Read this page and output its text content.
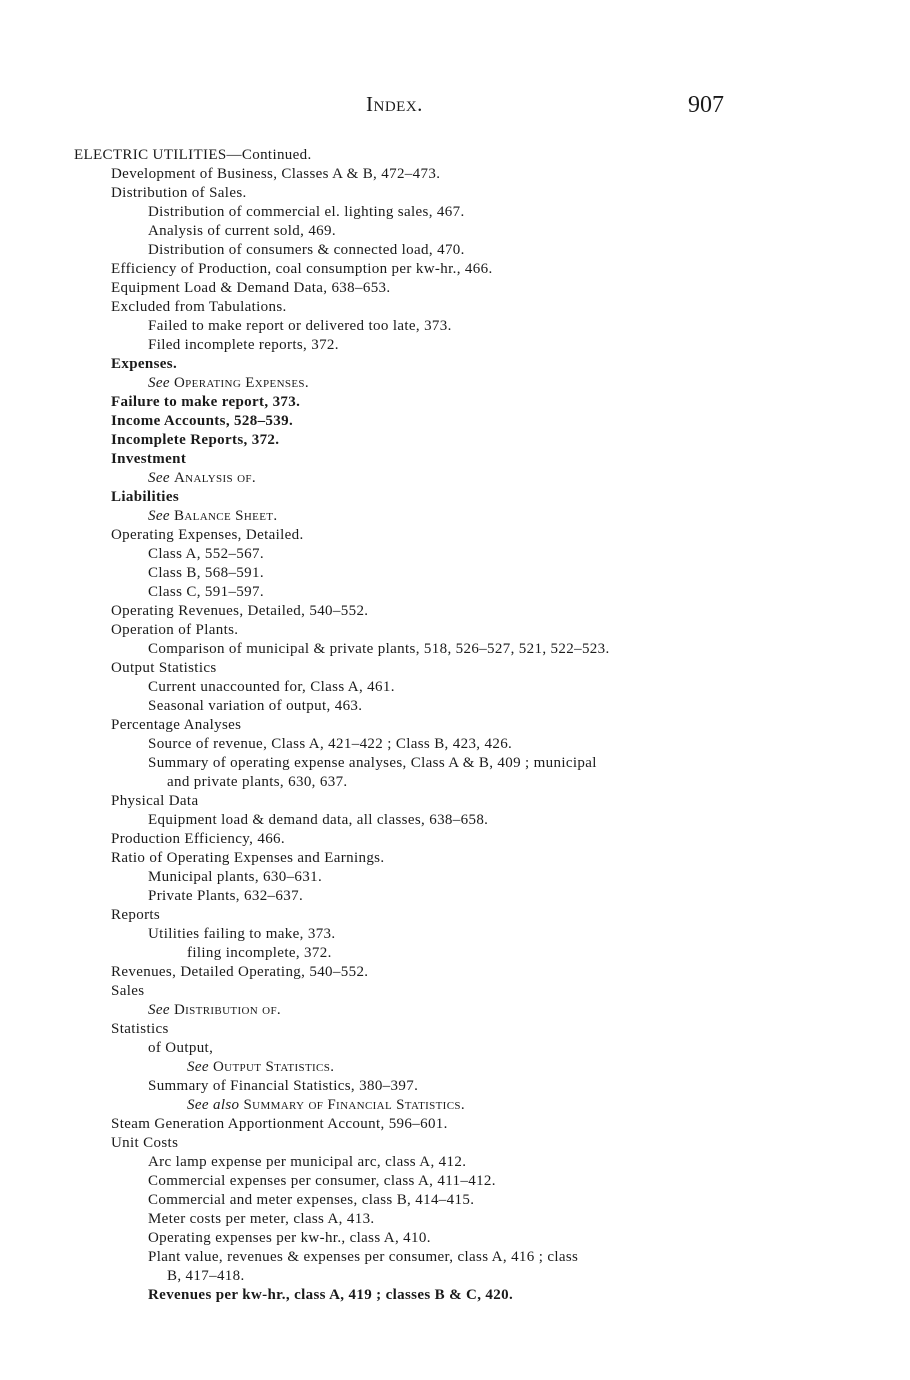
Index.	907
ELECTRIC UTILITIES—Continued.
Development of Business, Classes A & B, 472–473.
Distribution of Sales.
Distribution of commercial el. lighting sales, 467.
Analysis of current sold, 469.
Distribution of consumers & connected load, 470.
Efficiency of Production, coal consumption per kw-hr., 466.
Equipment Load & Demand Data, 638–653.
Excluded from Tabulations.
Failed to make report or delivered too late, 373.
Filed incomplete reports, 372.
Expenses.
See Operating Expenses.
Failure to make report, 373.
Income Accounts, 528–539.
Incomplete Reports, 372.
Investment
See Analysis of.
Liabilities
See Balance Sheet.
Operating Expenses, Detailed.
Class A, 552–567.
Class B, 568–591.
Class C, 591–597.
Operating Revenues, Detailed, 540–552.
Operation of Plants.
Comparison of municipal & private plants, 518, 526–527, 521, 522–523.
Output Statistics
Current unaccounted for, Class A, 461.
Seasonal variation of output, 463.
Percentage Analyses
Source of revenue, Class A, 421–422 ; Class B, 423, 426.
Summary of operating expense analyses, Class A & B, 409 ; municipal
and private plants, 630, 637.
Physical Data
Equipment load & demand data, all classes, 638–658.
Production Efficiency, 466.
Ratio of Operating Expenses and Earnings.
Municipal plants, 630–631.
Private Plants, 632–637.
Reports
Utilities failing to make, 373.
filing incomplete, 372.
Revenues, Detailed Operating, 540–552.
Sales
See Distribution of.
Statistics
of Output,
See Output Statistics.
Summary of Financial Statistics, 380–397.
See also Summary of Financial Statistics.
Steam Generation Apportionment Account, 596–601.
Unit Costs
Arc lamp expense per municipal arc, class A, 412.
Commercial expenses per consumer, class A, 411–412.
Commercial and meter expenses, class B, 414–415.
Meter costs per meter, class A, 413.
Operating expenses per kw-hr., class A, 410.
Plant value, revenues & expenses per consumer, class A, 416 ; class
B, 417–418.
Revenues per kw-hr., class A, 419 ; classes B & C, 420.
